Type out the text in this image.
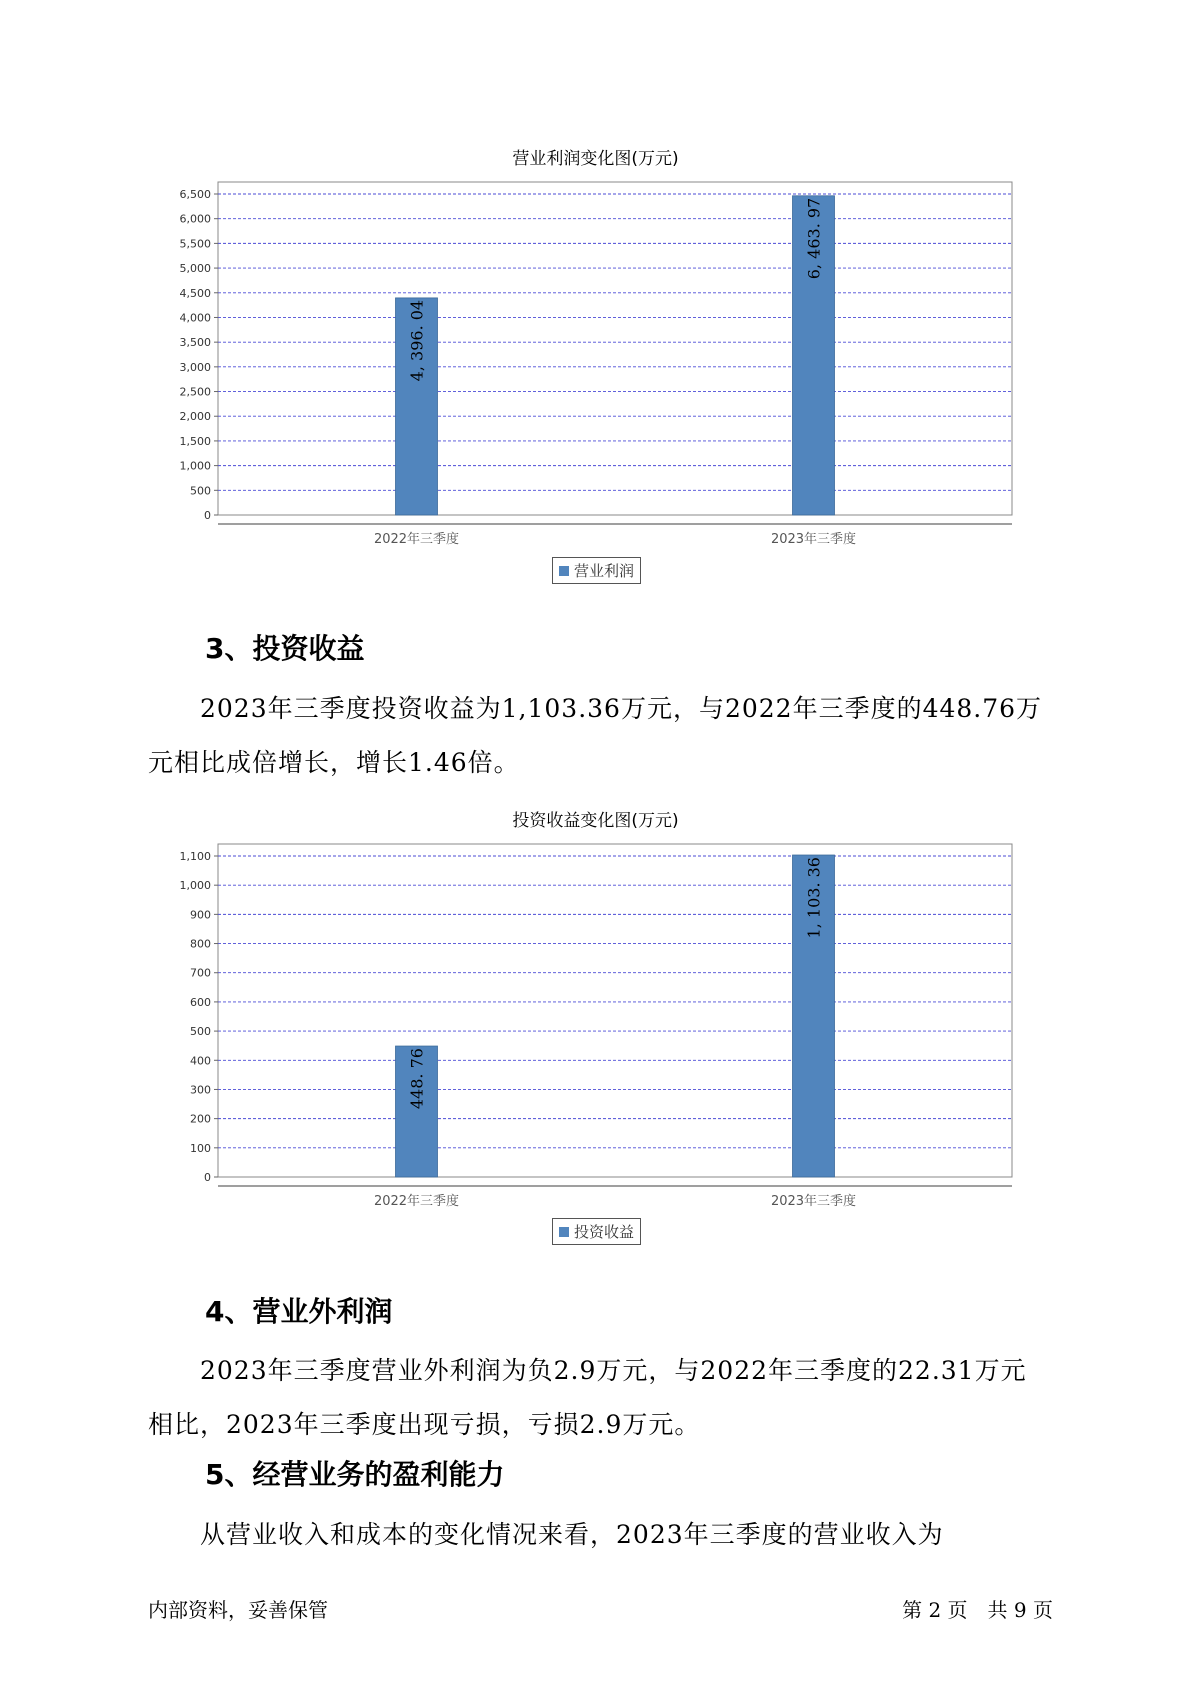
营业利润变化图(万元)
0
500
1,000
1,500
2,000
2,500
3,000
3,500
4,000
4,500
5,000
5,500
6,000
6,500
4, 396. 04
2022年三季度
6, 463. 97
2023年三季度
营业利润
3、投资收益
2023年三季度投资收益为1,103.36万元，与2022年三季度的448.76万
元相比成倍增长，增长1.46倍。
投资收益变化图(万元)
0
100
200
300
400
500
600
700
800
900
1,000
1,100
448. 76
2022年三季度
1, 103. 36
2023年三季度
投资收益
4、营业外利润
2023年三季度营业外利润为负2.9万元，与2022年三季度的22.31万元
相比，2023年三季度出现亏损，亏损2.9万元。
5、经营业务的盈利能力
从营业收入和成本的变化情况来看，2023年三季度的营业收入为
内部资料，妥善保管	第 2 页　共 9 页
